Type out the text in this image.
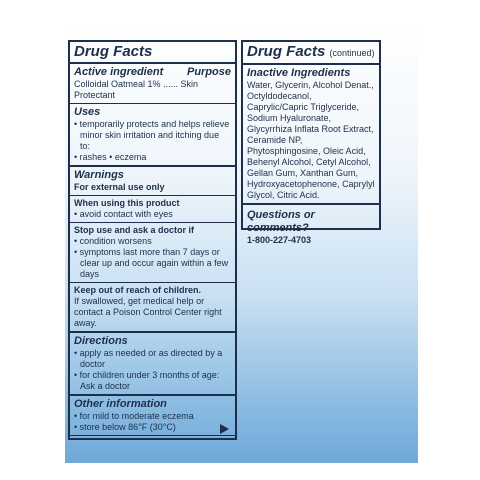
Drug Facts
Active ingredient Purpose
Colloidal Oatmeal 1% ...... Skin Protectant
Uses
• temporarily protects and helps relieve minor skin irritation and itching due to:
• rashes • eczema
Warnings
For external use only
When using this product
• avoid contact with eyes
Stop use and ask a doctor if
• condition worsens
• symptoms last more than 7 days or clear up and occur again within a few days
Keep out of reach of children.
If swallowed, get medical help or contact a Poison Control Center right away.
Directions
• apply as needed or as directed by a doctor
• for children under 3 months of age: Ask a doctor
Other information
• for mild to moderate eczema
• store below 86°F (30°C)
Drug Facts (continued)
Inactive Ingredients
Water, Glycerin, Alcohol Denat., Octyldodecanol, Caprylic/Capric Triglyceride, Sodium Hyaluronate, Glycyrrhiza Inflata Root Extract, Ceramide NP, Phytosphingosine, Oleic Acid, Behenyl Alcohol, Cetyl Alcohol, Gellan Gum, Xanthan Gum, Hydroxyacetophenone, Caprylyl Glycol, Citric Acid.
Questions or comments?
1-800-227-4703
